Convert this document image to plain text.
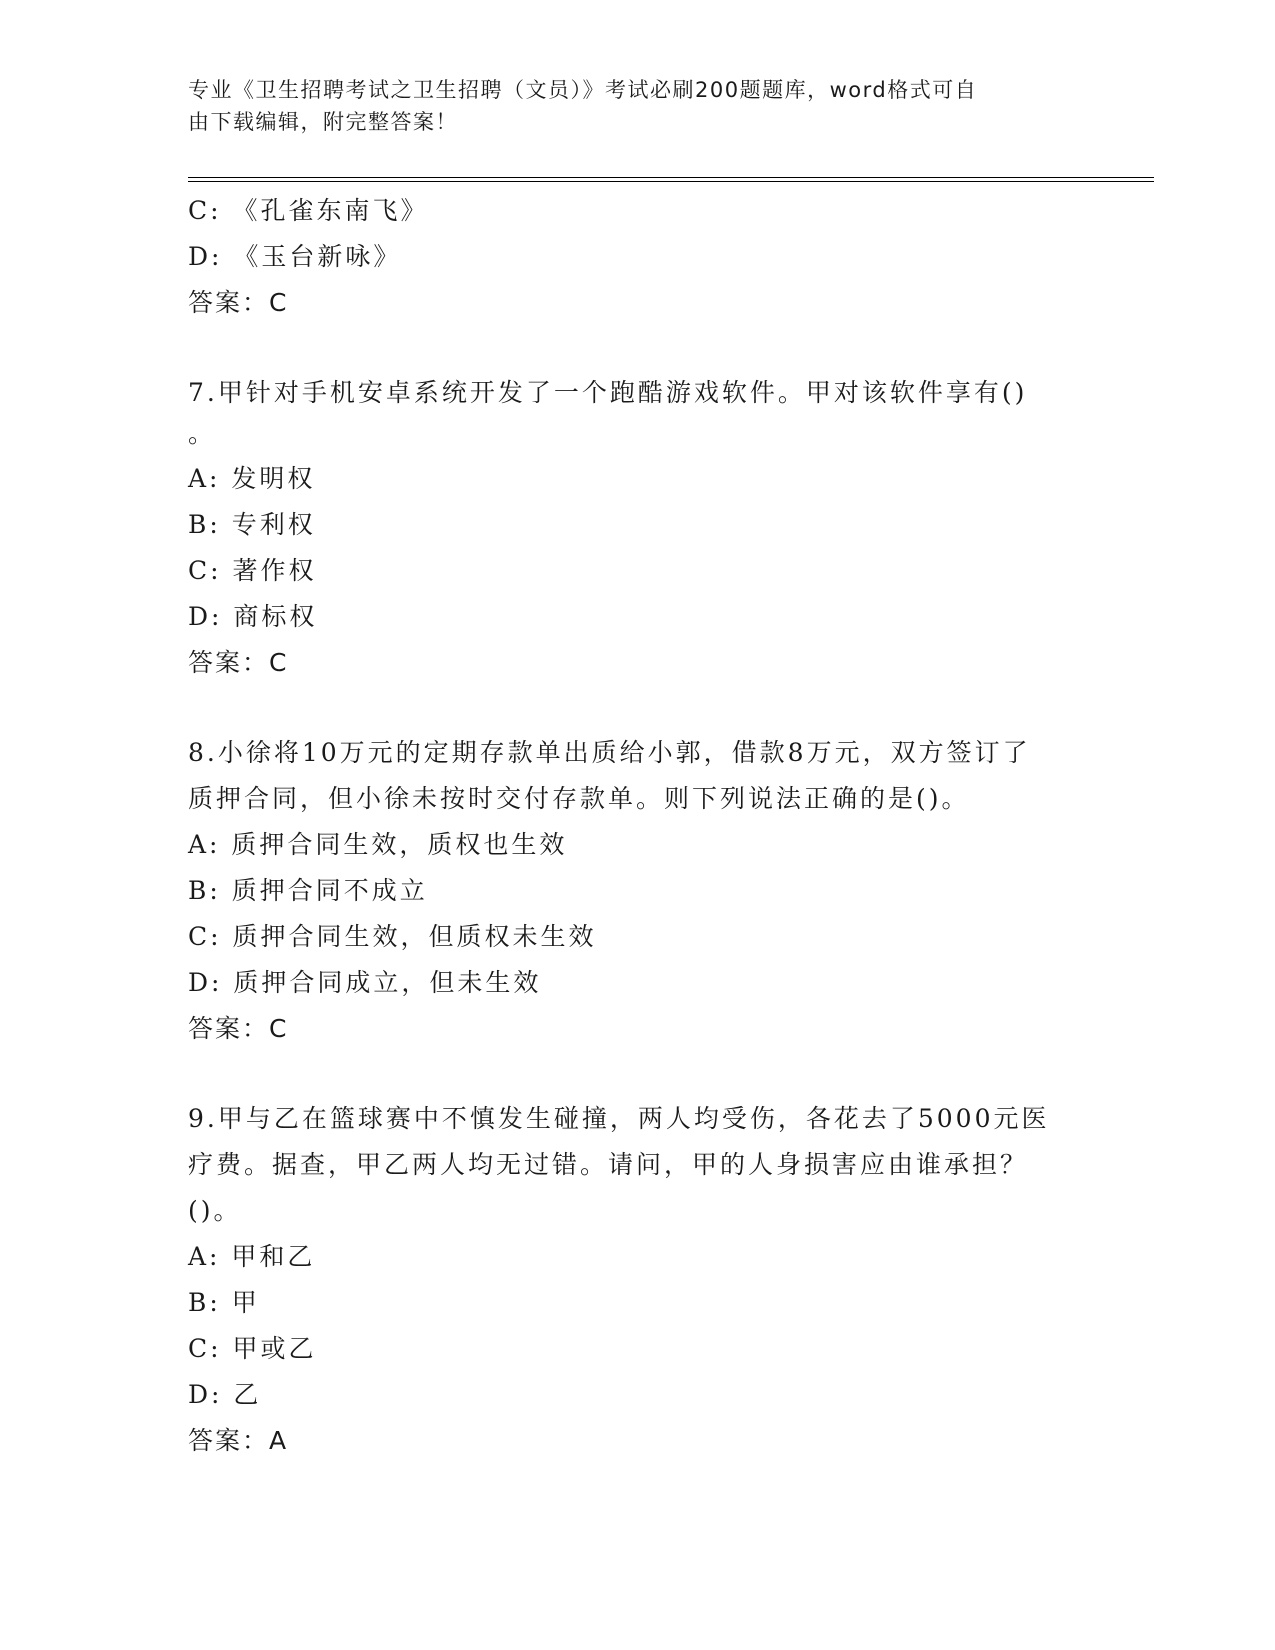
专业《卫生招聘考试之卫生招聘（文员）》考试必刷200题题库，word格式可自
由下载编辑，附完整答案！
C: 《孔雀东南飞》
D: 《玉台新咏》
答案：C
7.甲针对手机安卓系统开发了一个跑酷游戏软件。甲对该软件享有()
。
A: 发明权
B: 专利权
C: 著作权
D: 商标权
答案：C
8.小徐将10万元的定期存款单出质给小郭，借款8万元，双方签订了
质押合同，但小徐未按时交付存款单。则下列说法正确的是()。
A: 质押合同生效，质权也生效
B: 质押合同不成立
C: 质押合同生效，但质权未生效
D: 质押合同成立，但未生效
答案：C
9.甲与乙在篮球赛中不慎发生碰撞，两人均受伤，各花去了5000元医
疗费。据查，甲乙两人均无过错。请问，甲的人身损害应由谁承担？
()。
A: 甲和乙
B: 甲
C: 甲或乙
D: 乙
答案：A
